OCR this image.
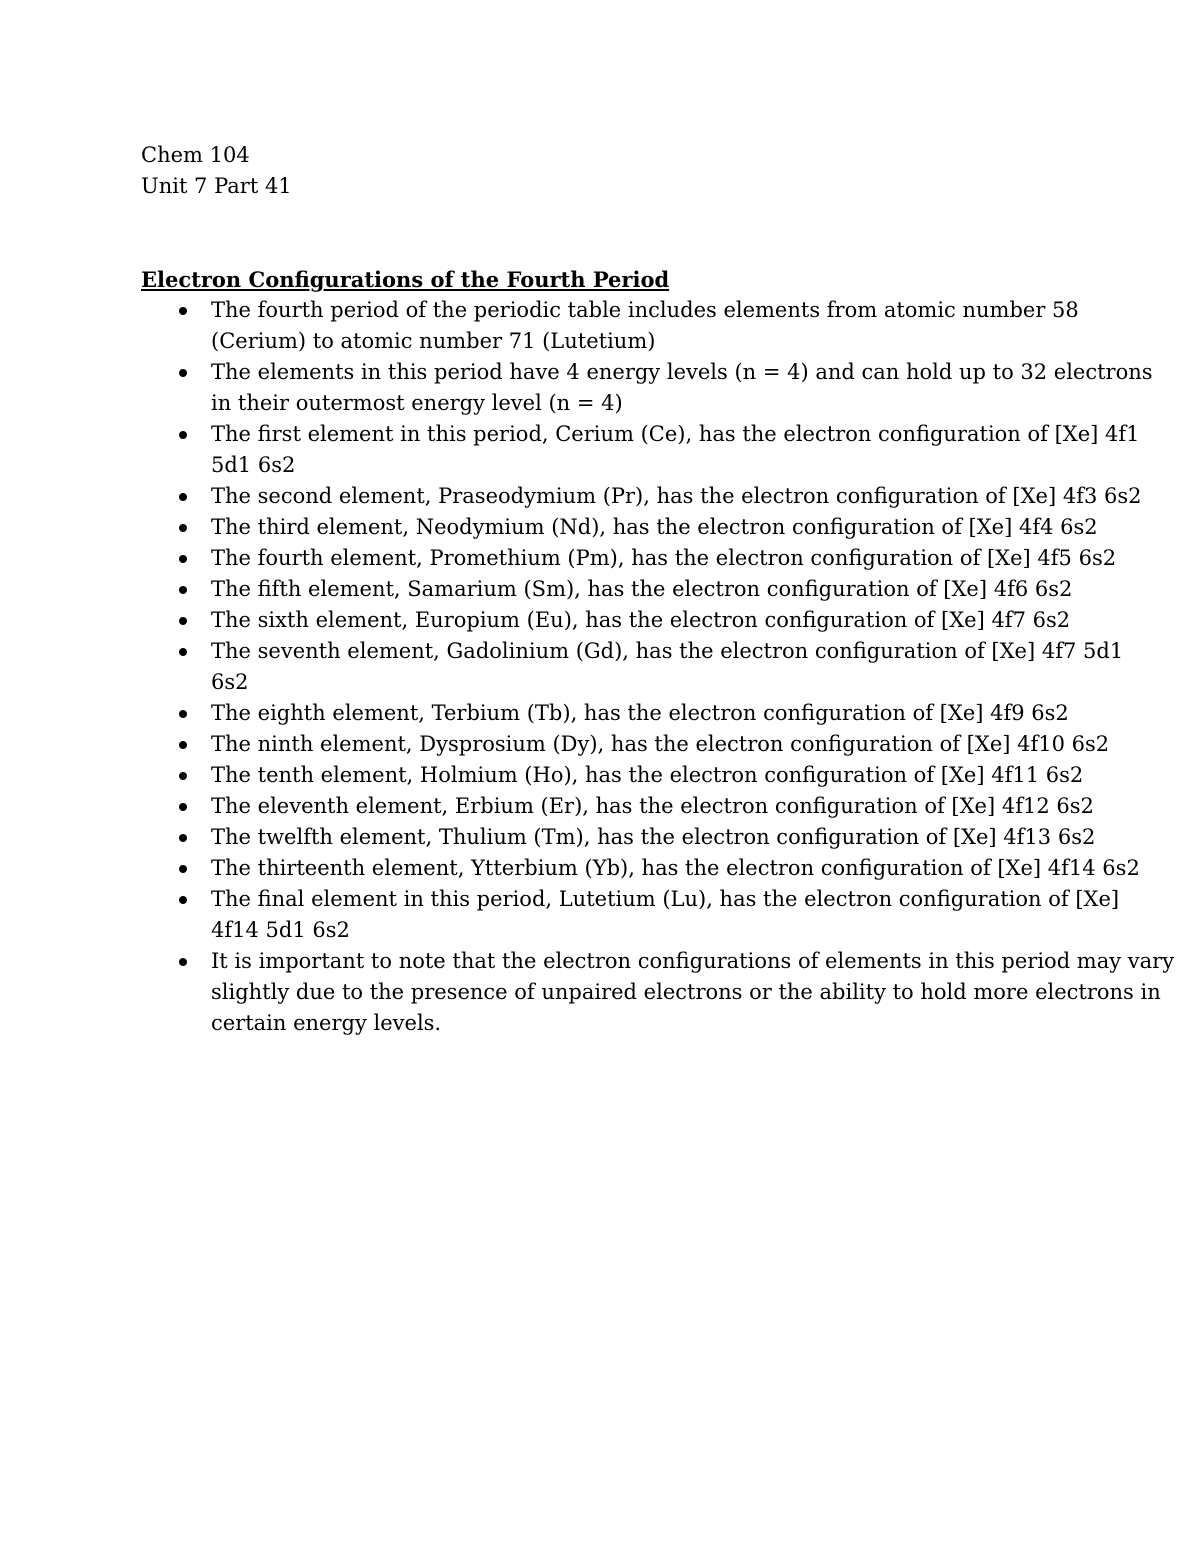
Chem 104
Unit 7 Part 41
Electron Configurations of the Fourth Period
The fourth period of the periodic table includes elements from atomic number 58
(Cerium) to atomic number 71 (Lutetium)
The elements in this period have 4 energy levels (n = 4) and can hold up to 32 electrons
in their outermost energy level (n = 4)
The first element in this period, Cerium (Ce), has the electron configuration of [Xe] 4f1
5d1 6s2
The second element, Praseodymium (Pr), has the electron configuration of [Xe] 4f3 6s2
The third element, Neodymium (Nd), has the electron configuration of [Xe] 4f4 6s2
The fourth element, Promethium (Pm), has the electron configuration of [Xe] 4f5 6s2
The fifth element, Samarium (Sm), has the electron configuration of [Xe] 4f6 6s2
The sixth element, Europium (Eu), has the electron configuration of [Xe] 4f7 6s2
The seventh element, Gadolinium (Gd), has the electron configuration of [Xe] 4f7 5d1
6s2
The eighth element, Terbium (Tb), has the electron configuration of [Xe] 4f9 6s2
The ninth element, Dysprosium (Dy), has the electron configuration of [Xe] 4f10 6s2
The tenth element, Holmium (Ho), has the electron configuration of [Xe] 4f11 6s2
The eleventh element, Erbium (Er), has the electron configuration of [Xe] 4f12 6s2
The twelfth element, Thulium (Tm), has the electron configuration of [Xe] 4f13 6s2
The thirteenth element, Ytterbium (Yb), has the electron configuration of [Xe] 4f14 6s2
The final element in this period, Lutetium (Lu), has the electron configuration of [Xe]
4f14 5d1 6s2
It is important to note that the electron configurations of elements in this period may vary
slightly due to the presence of unpaired electrons or the ability to hold more electrons in
certain energy levels.
